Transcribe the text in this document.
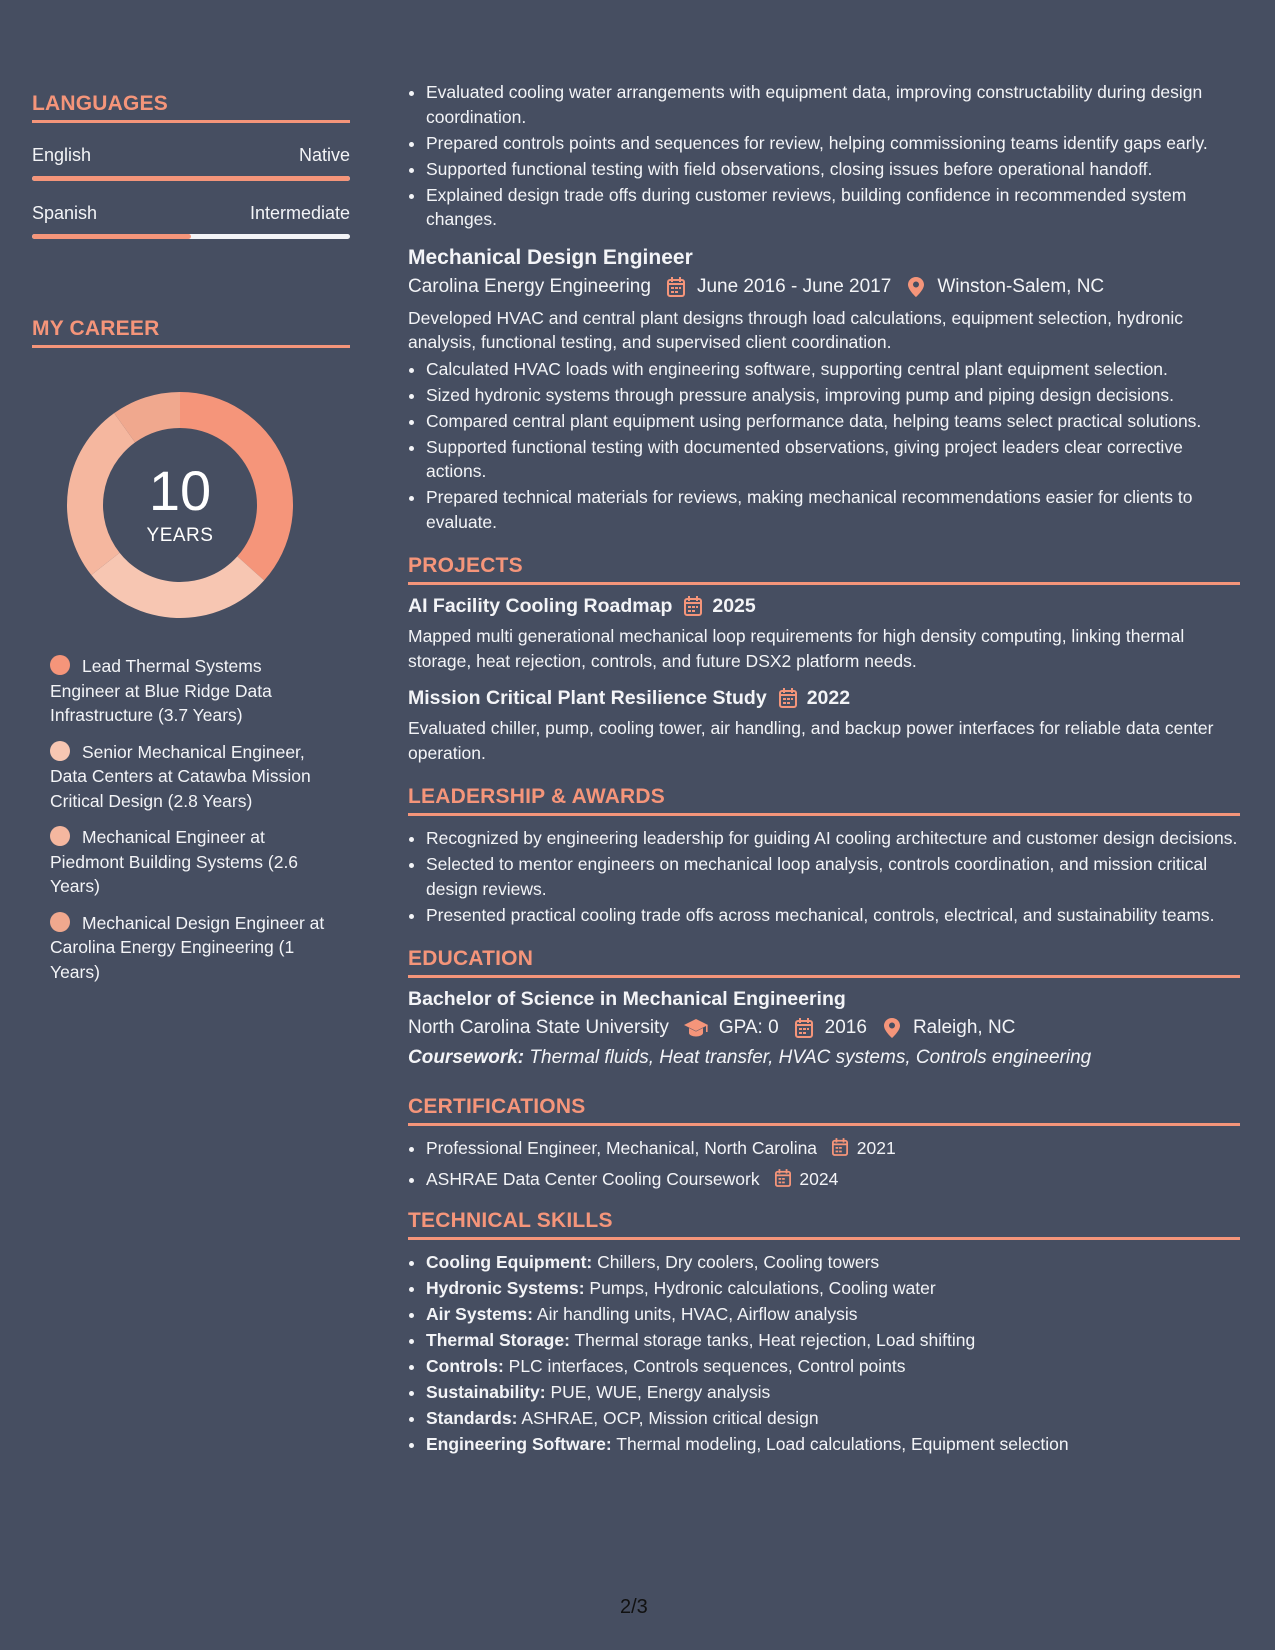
LANGUAGES
English	Native
Spanish	Intermediate
MY CAREER
10
YEARS
Lead Thermal Systems Engineer at Blue Ridge Data Infrastructure (3.7 Years)
Senior Mechanical Engineer, Data Centers at Catawba Mission Critical Design (2.8 Years)
Mechanical Engineer at Piedmont Building Systems (2.6 Years)
Mechanical Design Engineer at Carolina Energy Engineering (1 Years)
• Evaluated cooling water arrangements with equipment data, improving constructability during design coordination.
• Prepared controls points and sequences for review, helping commissioning teams identify gaps early.
• Supported functional testing with field observations, closing issues before operational handoff.
• Explained design trade offs during customer reviews, building confidence in recommended system changes.
Mechanical Design Engineer
Carolina Energy Engineering June 2016 - June 2017 Winston-Salem, NC

Developed HVAC and central plant designs through load calculations, equipment selection, hydronic analysis, functional testing, and supervised client coordination.

• Calculated HVAC loads with engineering software, supporting central plant equipment selection.
• Sized hydronic systems through pressure analysis, improving pump and piping design decisions.
• Compared central plant equipment using performance data, helping teams select practical solutions.
• Supported functional testing with documented observations, giving project leaders clear corrective actions.
• Prepared technical materials for reviews, making mechanical recommendations easier for clients to evaluate.
PROJECTS
AI Facility Cooling Roadmap 2025

Mapped multi generational mechanical loop requirements for high density computing, linking thermal storage, heat rejection, controls, and future DSX2 platform needs.

Mission Critical Plant Resilience Study 2022

Evaluated chiller, pump, cooling tower, air handling, and backup power interfaces for reliable data center operation.

LEADERSHIP & AWARDS
• Recognized by engineering leadership for guiding AI cooling architecture and customer design decisions.
• Selected to mentor engineers on mechanical loop analysis, controls coordination, and mission critical design reviews.
• Presented practical cooling trade offs across mechanical, controls, electrical, and sustainability teams.
EDUCATION
Bachelor of Science in Mechanical Engineering
North Carolina State University	GPA: 0 2016 Raleigh, NC
Coursework: Thermal fluids, Heat transfer, HVAC systems, Controls engineering
CERTIFICATIONS
• Professional Engineer, Mechanical, North Carolina 2021
• ASHRAE Data Center Cooling Coursework 2024
TECHNICAL SKILLS
• Cooling Equipment: Chillers, Dry coolers, Cooling towers
• Hydronic Systems: Pumps, Hydronic calculations, Cooling water
• Air Systems: Air handling units, HVAC, Airflow analysis
• Thermal Storage: Thermal storage tanks, Heat rejection, Load shifting
• Controls: PLC interfaces, Controls sequences, Control points
• Sustainability: PUE, WUE, Energy analysis
• Standards: ASHRAE, OCP, Mission critical design
• Engineering Software: Thermal modeling, Load calculations, Equipment selection
2/3
